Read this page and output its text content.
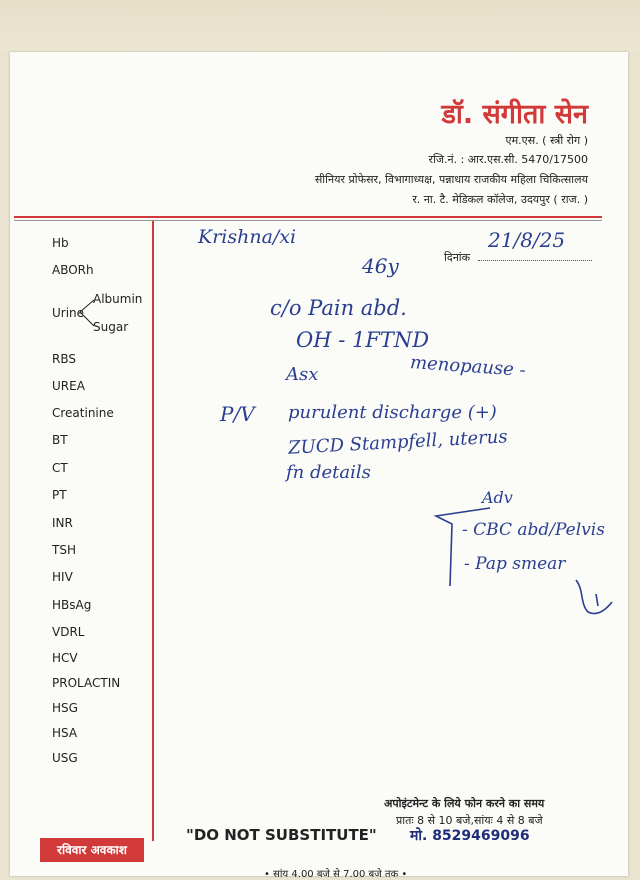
डॉ. संगीता सेन
एम.एस. ( स्त्री रोग )
रजि.नं. : आर.एस.सी. 5470/17500
सीनियर प्रोफेसर, विभागाध्यक्ष, पन्नाधाय राजकीय महिला चिकित्सालय
र. ना. टै. मेडिकल कॉलेज, उदयपुर ( राज. )
Hb
ABORh
Urine
Albumin
Sugar
RBS
UREA
Creatinine
BT
CT
PT
INR
TSH
HIV
HBsAg
VDRL
HCV
PROLACTIN
HSG
HSA
USG
दिनांक
Krishna/xi	21/8/25
46y
c/o Pain abd.
OH - 1FTND
Asx	menopause -
P/V purulent discharge (+)
ZUCD Stampfell, uterus
fn details
Adv
- CBC abd/Pelvis
- Pap smear
अपोइंटमेन्ट के लिये फोन करने का समय
प्रातः 8 से 10 बजे,सांयः 4 से 8 बजे
"DO NOT SUBSTITUTE" मो. 8529469096
रविवार अवकाश
• सांय 4.00 बजे से 7.00 बजे तक •
